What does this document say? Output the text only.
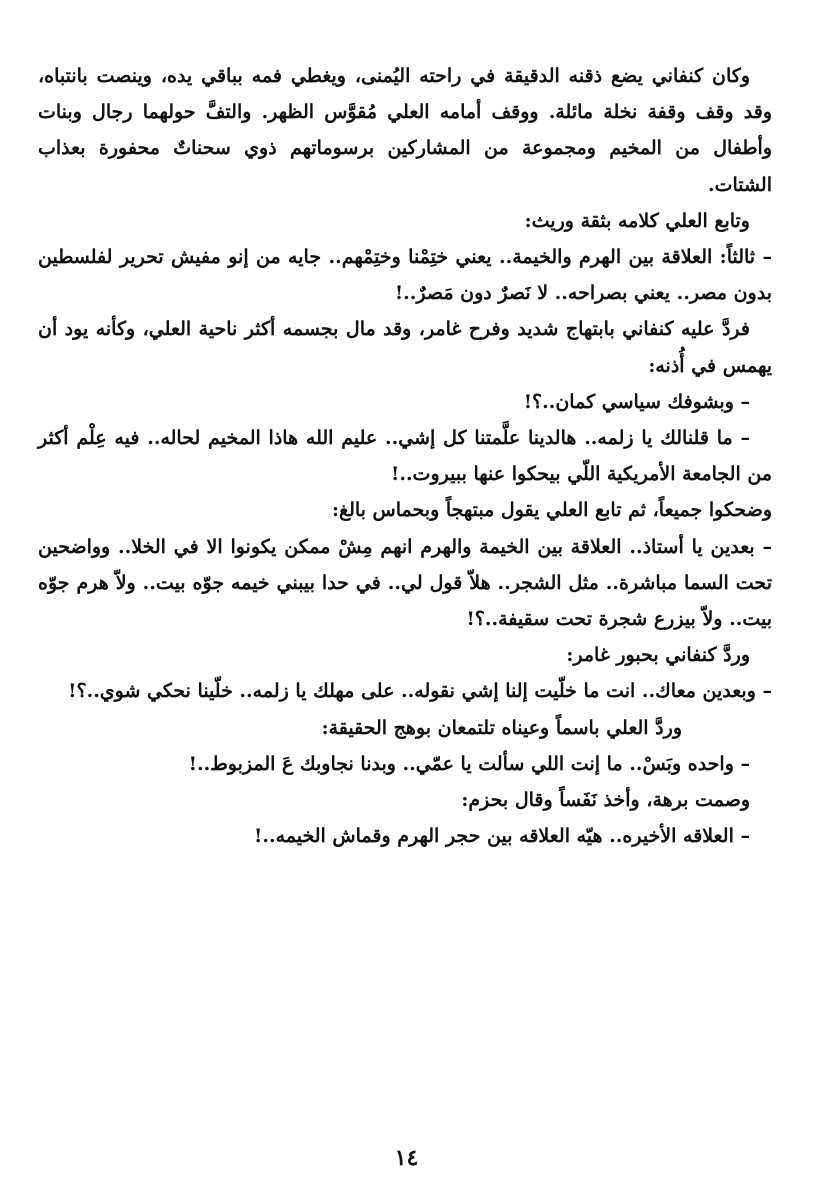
وكان كنفاني يضع ذقنه الدقيقة في راحته اليُمنى، ويغطي فمه بباقي يده، وينصت بانتباه، وقد وقف وقفة نخلة مائلة. ووقف أمامه العلي مُقوَّس الظهر. والتفَّ حولهما رجال وبنات وأطفال من المخيم ومجموعة من المشاركين برسوماتهم ذوي سحناتٌ محفورة بعذاب الشتات.

وتابع العلي كلامه بثقة وريث:

– ثالثاً: العلاقة بين الهرم والخيمة.. يعني ختِمْنا وختِمْهم.. جايه من إنو مفيش تحرير لفلسطين بدون مصر.. يعني بصراحه.. لا نَصرٌ دون مَصرٌ..!

فردَّ عليه كنفاني بابتهاج شديد وفرح غامر، وقد مال بجسمه أكثر ناحية العلي، وكأنه يود أن يهمس في أُذنه:

– وبشوفك سياسي كمان..؟!

– ما قلنالك يا زلمه.. هالدينا علَّمتنا كل إشي.. عليم الله هاذا المخيم لحاله.. فيه عِلْم أكثر من الجامعة الأمريكية اللّي بيحكوا عنها ببيروت..!

وضحكوا جميعاً، ثم تابع العلي يقول مبتهجاً وبحماس بالغ:

– بعدين يا أستاذ.. العلاقة بين الخيمة والهرم انهم مِشْ ممكن يكونوا الا في الخلا.. وواضحين تحت السما مباشرة.. مثل الشجر.. هلاّ قول لي.. في حدا بيبني خيمه جوّه بيت.. ولاّ هرم جوّه بيت.. ولاّ بيزرع شجرة تحت سقيفة..؟!

وردَّ كنفاني بحبور غامر:

– وبعدين معاك.. انت ما خلّيت إلنا إشي نقوله.. على مهلك يا زلمه.. خلّينا نحكي شوي..؟!

وردَّ العلي باسماً وعيناه تلتمعان بوهج الحقيقة:

– واحده وبَسْ.. ما إنت اللي سألت يا عمّي.. وبدنا نجاوبك عَ المزبوط..!

وصمت برهة، وأخذ نَفَساً وقال بحزم:

– العلاقه الأخيره.. هيّه العلاقه بين حجر الهرم وقماش الخيمه..!

١٤
